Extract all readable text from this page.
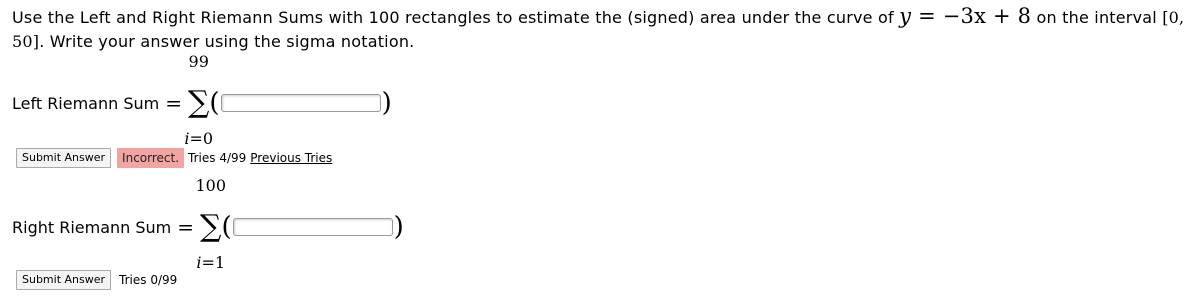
Use the Left and Right Riemann Sums with 100 rectangles to estimate the (signed) area under the curve of y = −3x + 8 on the interval [0, 50]. Write your answer using the sigma notation.
Left Riemann Sum =
99
∑
i=0
(	)
Submit Answer	Incorrect. Tries 4/99 Previous Tries
Right Riemann Sum =
100
∑
i=1
(	)
Submit Answer	Tries 0/99
